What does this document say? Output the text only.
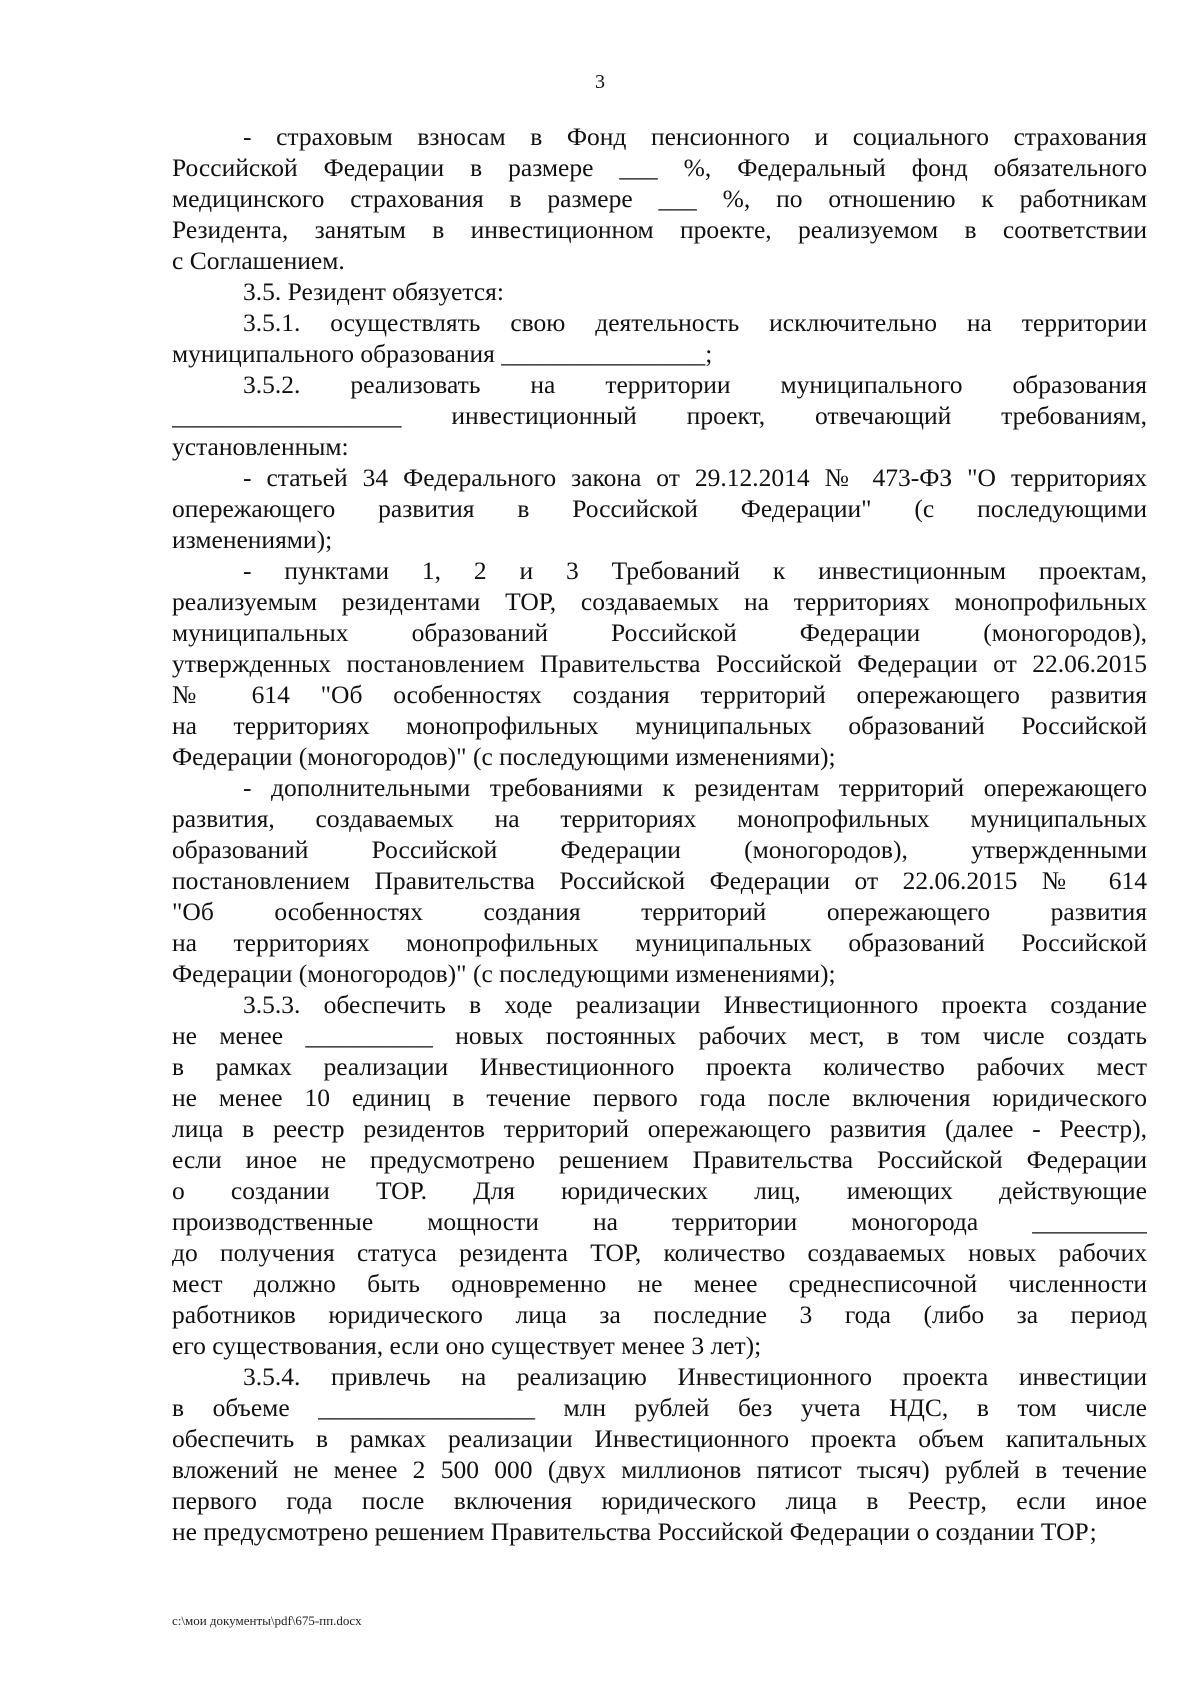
3
- страховым взносам в Фонд пенсионного и социального страхования
Российской Федерации в размере ___ %, Федеральный фонд обязательного
медицинского страхования в размере ___ %, по отношению к работникам
Резидента, занятым в инвестиционном проекте, реализуемом в соответствии
с Соглашением.
3.5. Резидент обязуется:
3.5.1. осуществлять свою деятельность исключительно на территории
муниципального образования ________________;
3.5.2. реализовать на территории муниципального образования
__________________ инвестиционный проект, отвечающий требованиям,
установленным:
- статьей 34 Федерального закона от 29.12.2014 № 473-ФЗ "О территориях
опережающего развития в Российской Федерации" (с последующими
изменениями);
- пунктами 1, 2 и 3 Требований к инвестиционным проектам,
реализуемым резидентами ТОР, создаваемых на территориях монопрофильных
муниципальных образований Российской Федерации (моногородов),
утвержденных постановлением Правительства Российской Федерации от 22.06.2015
№ 614 "Об особенностях создания территорий опережающего развития
на территориях монопрофильных муниципальных образований Российской
Федерации (моногородов)" (с последующими изменениями);
- дополнительными требованиями к резидентам территорий опережающего
развития, создаваемых на территориях монопрофильных муниципальных
образований Российской Федерации (моногородов), утвержденными
постановлением Правительства Российской Федерации от 22.06.2015 № 614
"Об особенностях создания территорий опережающего развития
на территориях монопрофильных муниципальных образований Российской
Федерации (моногородов)" (с последующими изменениями);
3.5.3. обеспечить в ходе реализации Инвестиционного проекта создание
не менее __________ новых постоянных рабочих мест, в том числе создать
в рамках реализации Инвестиционного проекта количество рабочих мест
не менее 10 единиц в течение первого года после включения юридического
лица в реестр резидентов территорий опережающего развития (далее - Реестр),
если иное не предусмотрено решением Правительства Российской Федерации
о создании ТОР. Для юридических лиц, имеющих действующие
производственные мощности на территории моногорода _________
до получения статуса резидента ТОР, количество создаваемых новых рабочих
мест должно быть одновременно не менее среднесписочной численности
работников юридического лица за последние 3 года (либо за период
его существования, если оно существует менее 3 лет);
3.5.4. привлечь на реализацию Инвестиционного проекта инвестиции
в объеме _________________ млн рублей без учета НДС, в том числе
обеспечить в рамках реализации Инвестиционного проекта объем капитальных
вложений не менее 2 500 000 (двух миллионов пятисот тысяч) рублей в течение
первого года после включения юридического лица в Реестр, если иное
не предусмотрено решением Правительства Российской Федерации о создании ТОР;
c:\мои документы\pdf\675-пп.docx
